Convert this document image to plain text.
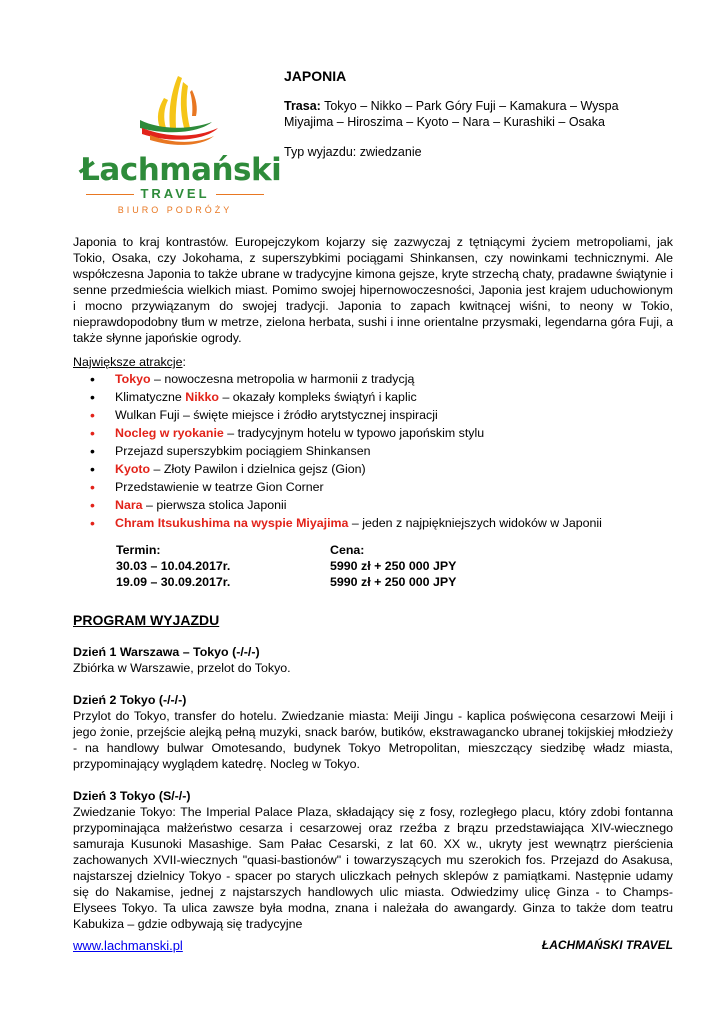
Łachmański
TRAVEL
BIURO PODRÓŻY
JAPONIA

Trasa: Tokyo – Nikko – Park Góry Fuji – Kamakura – Wyspa Miyajima – Hiroszima – Kyoto – Nara – Kurashiki – Osaka

Typ wyjazdu: zwiedzanie

Japonia to kraj kontrastów. Europejczykom kojarzy się zazwyczaj z tętniącymi życiem metropoliami, jak Tokio, Osaka, czy Jokohama, z superszybkimi pociągami Shinkansen, czy nowinkami technicznymi. Ale współczesna Japonia to także ubrane w tradycyjne kimona gejsze, kryte strzechą chaty, pradawne świątynie i senne przedmieścia wielkich miast. Pomimo swojej hipernowoczesności, Japonia jest krajem uduchowionym i mocno przywiązanym do swojej tradycji. Japonia to zapach kwitnącej wiśni, to neony w Tokio, nieprawdopodobny tłum w metrze, zielona herbata, sushi i inne orientalne przysmaki, legendarna góra Fuji, a także słynne japońskie ogrody.

Największe atrakcje:
• Tokyo – nowoczesna metropolia w harmonii z tradycją
• Klimatyczne Nikko – okazały kompleks świątyń i kaplic
• Wulkan Fuji – święte miejsce i źródło arytstycznej inspiracji
• Nocleg w ryokanie – tradycyjnym hotelu w typowo japońskim stylu
• Przejazd superszybkim pociągiem Shinkansen
• Kyoto – Złoty Pawilon i dzielnica gejsz (Gion)
• Przedstawienie w teatrze Gion Corner
• Nara – pierwsza stolica Japonii
• Chram Itsukushima na wyspie Miyajima – jeden z najpiękniejszych widoków w Japonii
Termin:
30.03 – 10.04.2017r.
19.09 – 30.09.2017r.
Cena:
5990 zł + 250 000 JPY
5990 zł + 250 000 JPY
PROGRAM WYJAZDU
Dzień 1 Warszawa – Tokyo (-/-/-)

Zbiórka w Warszawie, przelot do Tokyo.

Dzień 2 Tokyo (-/-/-)

Przylot do Tokyo, transfer do hotelu. Zwiedzanie miasta: Meiji Jingu - kaplica poświęcona cesarzowi Meiji i jego żonie, przejście alejką pełną muzyki, snack barów, butików, ekstrawagancko ubranej tokijskiej młodzieży - na handlowy bulwar Omotesando, budynek Tokyo Metropolitan, mieszczący siedzibę władz miasta, przypominający wyglądem katedrę. Nocleg w Tokyo.

Dzień 3 Tokyo (S/-/-)

Zwiedzanie Tokyo: The Imperial Palace Plaza, składający się z fosy, rozległego placu, który zdobi fontanna przypominająca małżeństwo cesarza i cesarzowej oraz rzeźba z brązu przedstawiająca XIV-wiecznego samuraja Kusunoki Masashige. Sam Pałac Cesarski, z lat 60. XX w., ukryty jest wewnątrz pierścienia zachowanych XVII-wiecznych "quasi-bastionów" i towarzyszących mu szerokich fos. Przejazd do Asakusa, najstarszej dzielnicy Tokyo - spacer po starych uliczkach pełnych sklepów z pamiątkami. Następnie udamy się do Nakamise, jednej z najstarszych handlowych ulic miasta. Odwiedzimy ulicę Ginza - to Champs-Elysees Tokyo. Ta ulica zawsze była modna, znana i należała do awangardy. Ginza to także dom teatru Kabukiza – gdzie odbywają się tradycyjne

www.lachmanski.pl	ŁACHMAŃSKI TRAVEL
